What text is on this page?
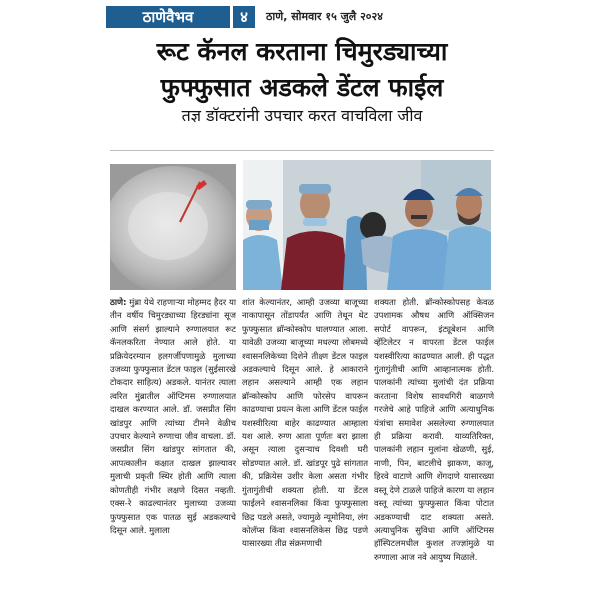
ठाणेवैभव	४	ठाणे, सोमवार १५ जुलै २०२४
रूट कॅनल करताना चिमुरड्याच्या
फुफ्फुसात अडकले डेंटल फाईल
तज्ञ डॉक्टरांनी उपचार करत वाचविला जीव

ठाणे: मुंब्रा येथे राहणाऱ्या मोहम्मद हैदर या तीन वर्षीय चिमुरड्याच्या हिरड्यांना सूज आणि संसर्ग झाल्याने रुग्णालयात रूट कॅनलकरिता नेण्यात आले होते. या प्रक्रियेदरम्यान हलगर्जीपणामुळे मुलाच्या उजव्या फुफ्फुसात डेंटल फाइल (सुईसारखे टोकदार साहित्य) अडकले. यानंतर त्याला त्वरित मुंब्रातील ऑप्टिमस रुग्णालयात दाखल करण्यात आले. डॉ. जसप्रीत सिंग खांडपुर आणि त्यांच्या टीमने वेळीच उपचार केल्याने रुग्णाचा जीव वाचला. डॉ. जसप्रीत सिंग खांडपुर सांगतात की, आपत्कालीन कक्षात दाखल झाल्यावर मुलाची प्रकृती स्थिर होती आणि त्याला कोणतीही गंभीर लक्षणे दिसत नव्हती. एक्स-रे काढल्यानंतर मुलाच्या उजव्या फुफ्फुसात एक पातळ सुई अडकल्याचे दिसून आले. मुलाला

शांत केल्यानंतर, आम्ही उजव्या बाजूच्या नाकापासून तोंडापर्यंत आणि तेथून थेट फुफ्फुसात ब्रॉन्कोस्कोप घालण्यात आला. यावेळी उजव्या बाजूच्या मधल्या लोबमध्ये श्वासनलिकेच्या दिशेने तीक्ष्ण डेंटल फाइल अडकल्याचे दिसून आले. हे आकाराने लहान असल्याने आम्ही एक लहान ब्रॉन्कोस्कोप आणि फोरसेप वापरून काढण्याचा प्रयत्न केला आणि डेंटल फाईल यशस्वीरित्या बाहेर काढण्यात आम्हाला यश आले. रुग्ण आता पूर्णतः बरा झाला असून त्याला दुसऱ्याच दिवशी घरी सोडण्यात आले. डॉ. खांडपूर पुढे सांगतात की, प्रक्रियेस उशीर केला असता गंभीर गुंतागुंतीची शक्यता होती. या डेंटल फाईलने श्वासनलिका किंवा फुफ्फुसाला छिद्र पडले असते, ज्यामुळे न्यूमोनिया, लंग कोलॅप्स किंवा श्वासनलिकेस छिद्र पडणे यासारख्या तीव्र संक्रमणाची

शक्यता होती. ब्रॉन्कोस्कोपसह केवळ उपशामक औषध आणि ऑक्सिजन सपोर्ट वापरून, इंट्यूबेशन आणि व्हेंटिलेटर न वापरता डेंटल फाईल यशस्वीरित्या काढण्यात आली. ही पद्धत गुंतागुंतीची आणि आव्हानात्मक होती. पालकांनी त्यांच्या मुलांची दंत प्रक्रिया करताना विशेष सावधगिरी बाळगणे गरजेचे आहे पाहिजे आणि अत्याधुनिक यंत्रांचा समावेश असलेल्या रुग्णालयात ही प्रक्रिया करावी. याव्यतिरिक्त, पालकांनी लहान मुलांना खेळणी, सुई, नाणी, पिन, बाटलीचे झाकण, काजू, हिरवे वाटाणे आणि शेंगदाणे यासारख्या वस्तू देणे टाळले पाहिजे कारण या लहान वस्तू त्यांच्या फुफ्फुसात किंवा पोटात अडकण्याची दाट शक्यता असते. अत्याधुनिक सुविधा आणि ऑप्टिमस हॉस्पिटलमधील कुशल तज्ज्ञांमुळे या रुग्णाला आज नवे आयुष्य मिळाले.
